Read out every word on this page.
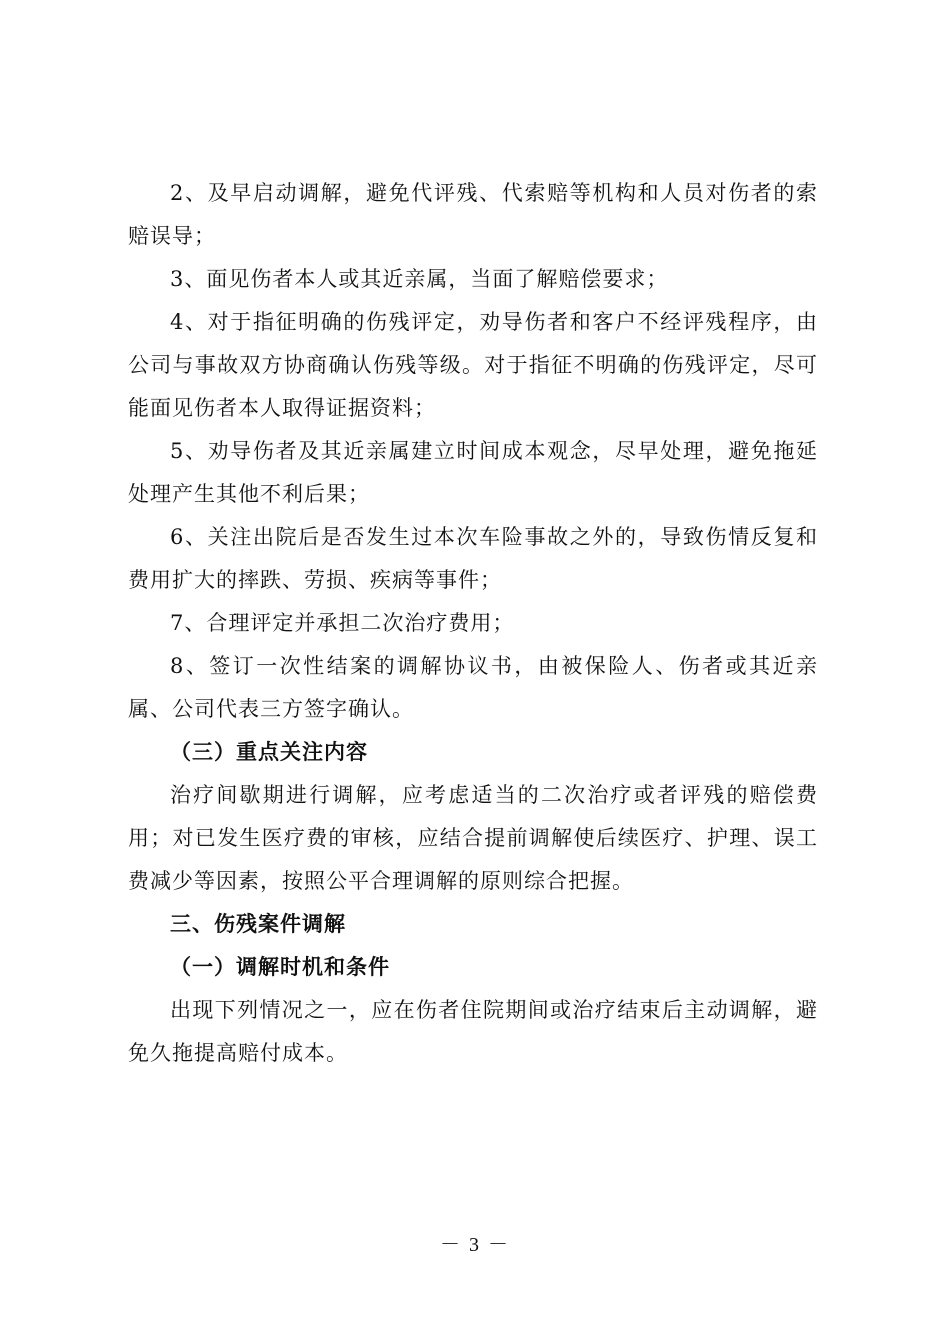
2、及早启动调解，避免代评残、代索赔等机构和人员对伤者的索赔误导；

3、面见伤者本人或其近亲属，当面了解赔偿要求；

4、对于指征明确的伤残评定，劝导伤者和客户不经评残程序，由公司与事故双方协商确认伤残等级。对于指征不明确的伤残评定，尽可能面见伤者本人取得证据资料；

5、劝导伤者及其近亲属建立时间成本观念，尽早处理，避免拖延处理产生其他不利后果；

6、关注出院后是否发生过本次车险事故之外的，导致伤情反复和费用扩大的摔跌、劳损、疾病等事件；

7、合理评定并承担二次治疗费用；

8、签订一次性结案的调解协议书，由被保险人、伤者或其近亲属、公司代表三方签字确认。

（三）重点关注内容

治疗间歇期进行调解，应考虑适当的二次治疗或者评残的赔偿费用；对已发生医疗费的审核，应结合提前调解使后续医疗、护理、误工费减少等因素，按照公平合理调解的原则综合把握。

三、伤残案件调解

（一）调解时机和条件

出现下列情况之一，应在伤者住院期间或治疗结束后主动调解，避免久拖提高赔付成本。

－ 3 －
